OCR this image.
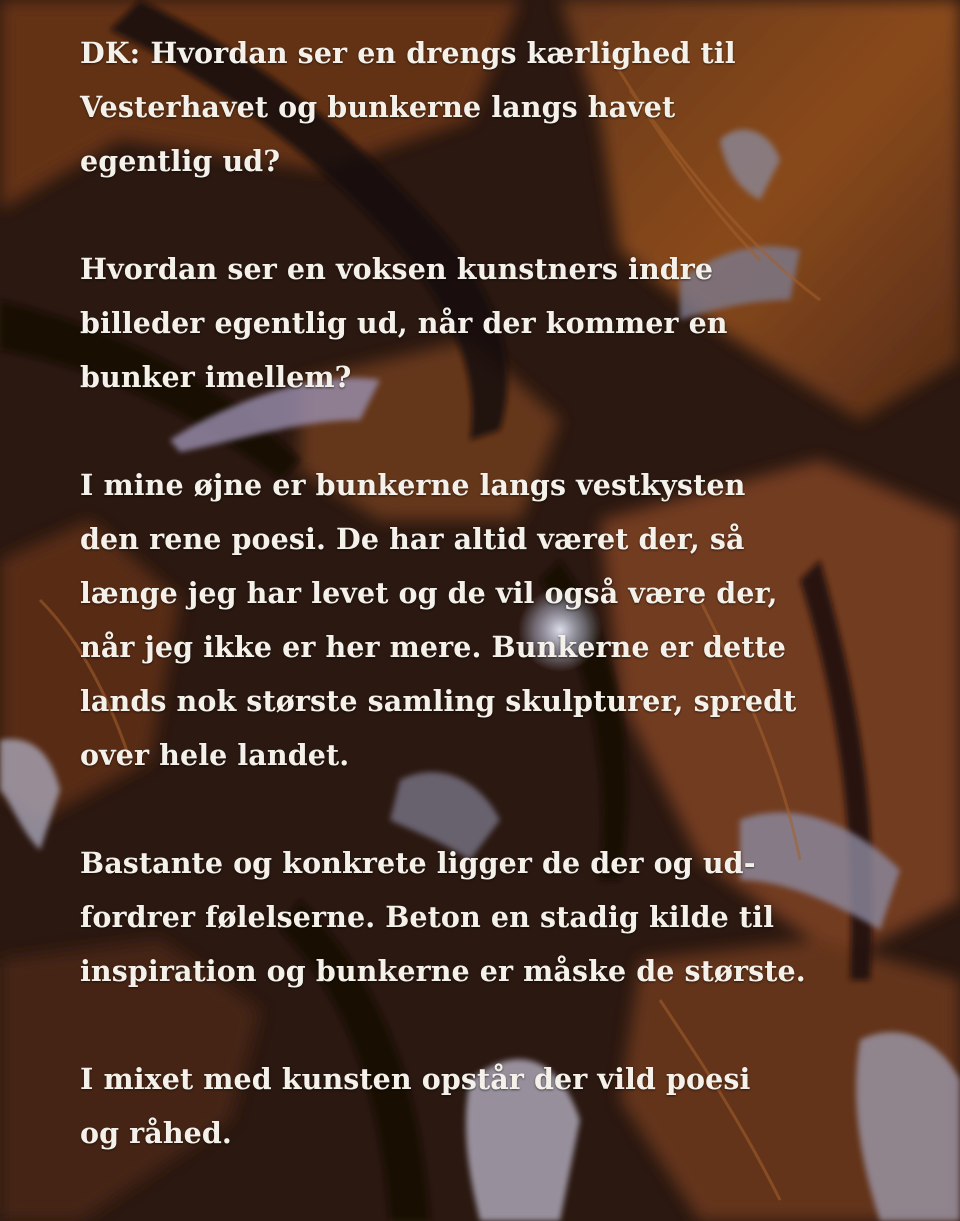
DK: Hvordan ser en drengs kærlighed til
Vesterhavet og bunkerne langs havet
egentlig ud?

Hvordan ser en voksen kunstners indre
billeder egentlig ud, når der kommer en
bunker imellem?

I mine øjne er bunkerne langs vestkysten
den rene poesi. De har altid været der, så
længe jeg har levet og de vil også være der,
når jeg ikke er her mere. Bunkerne er dette
lands nok største samling skulpturer, spredt
over hele landet.

Bastante og konkrete ligger de der og ud-
fordrer følelserne. Beton en stadig kilde til
inspiration og bunkerne er måske de største.

I mixet med kunsten opstår der vild poesi
og råhed.
